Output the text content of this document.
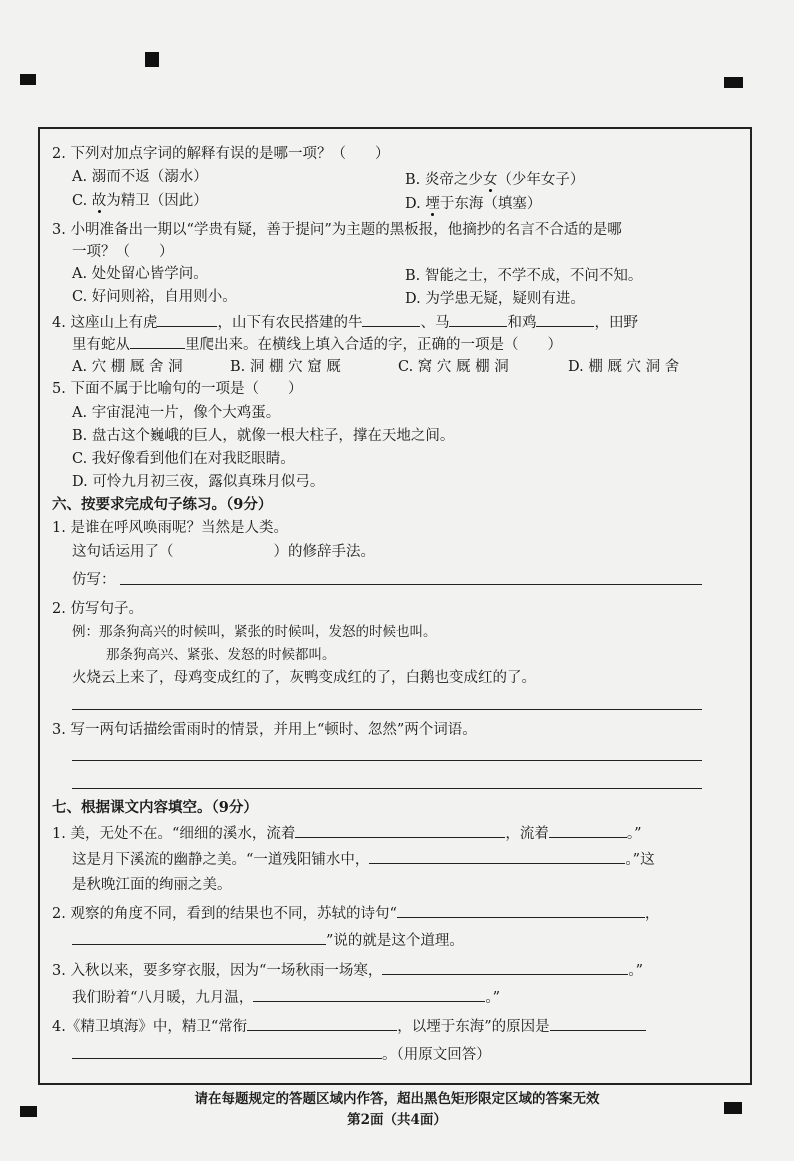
2. 下列对加点字词的解释有误的是哪一项？（　　）
A. 溺而不返（溺水）	B. 炎帝之少女（少年女子）
C. 故为精卫（因此）	D. 堙于东海（填塞）
3. 小明准备出一期以“学贵有疑，善于提问”为主题的黑板报，他摘抄的名言不合适的是哪
一项？（　　）
A. 处处留心皆学问。	B. 智能之士，不学不成，不问不知。
C. 好问则裕，自用则小。	D. 为学患无疑，疑则有进。
4. 这座山上有虎	，山下有农民搭建的牛	、马	和鸡	，田野
里有蛇从	里爬出来。在横线上填入合适的字，正确的一项是（　　）
A. 穴 棚 厩 舍 洞	B. 洞 棚 穴 窟 厩	C. 窝 穴 厩 棚 洞	D. 棚 厩 穴 洞 舍
5. 下面不属于比喻句的一项是（　　）
A. 宇宙混沌一片，像个大鸡蛋。
B. 盘古这个巍峨的巨人，就像一根大柱子，撑在天地之间。
C. 我好像看到他们在对我眨眼睛。
D. 可怜九月初三夜，露似真珠月似弓。
六、按要求完成句子练习。（9分）
1. 是谁在呼风唤雨呢？当然是人类。
这句话运用了（	）的修辞手法。
仿写：
2. 仿写句子。
例：那条狗高兴的时候叫，紧张的时候叫，发怒的时候也叫。
那条狗高兴、紧张、发怒的时候都叫。
火烧云上来了，母鸡变成红的了，灰鸭变成红的了，白鹅也变成红的了。
3. 写一两句话描绘雷雨时的情景，并用上“顿时、忽然”两个词语。
七、根据课文内容填空。（9分）
1. 美，无处不在。“细细的溪水，流着	，流着	。”
这是月下溪流的幽静之美。“一道残阳铺水中，	。”这
是秋晚江面的绚丽之美。
2. 观察的角度不同，看到的结果也不同，苏轼的诗句“	，
”说的就是这个道理。
3. 入秋以来，要多穿衣服，因为“一场秋雨一场寒，	。”
我们盼着“八月暖，九月温，	。”
4.《精卫填海》中，精卫“常衔	，以堙于东海”的原因是
。（用原文回答）
请在每题规定的答题区域内作答，超出黑色矩形限定区域的答案无效
第2面（共4面）
